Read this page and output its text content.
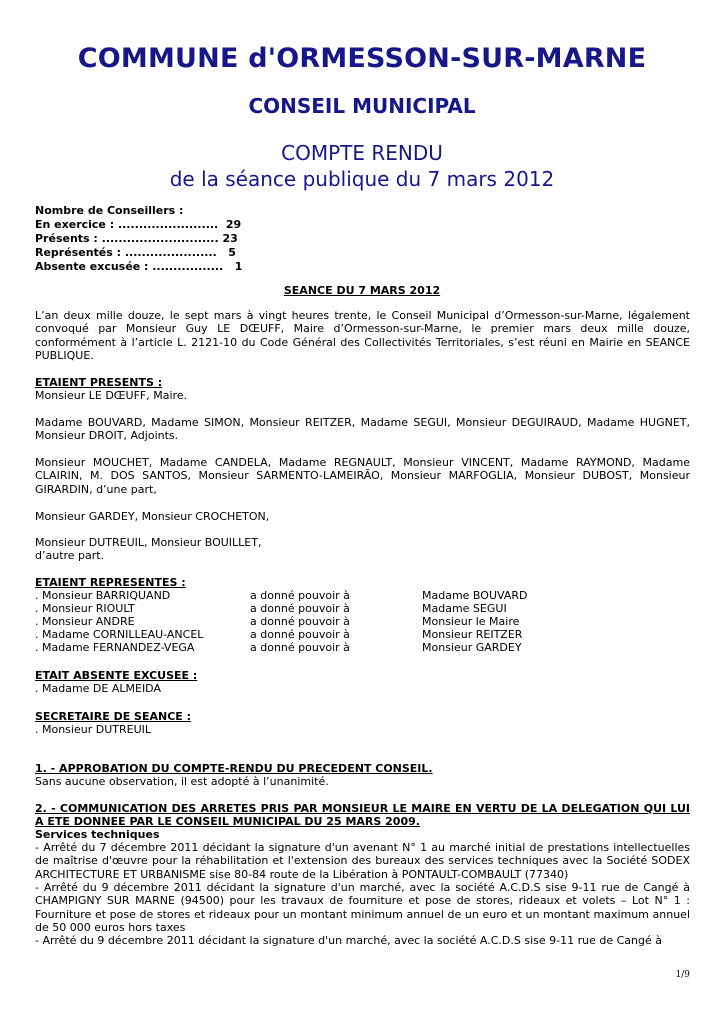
COMMUNE d'ORMESSON-SUR-MARNE
CONSEIL MUNICIPAL
COMPTE RENDU
de la séance publique du 7 mars 2012
Nombre de Conseillers :
En exercice : ........................  29
Présents : ............................ 23
Représentés : ......................   5
Absente excusée : .................   1
SEANCE DU 7 MARS 2012
L’an deux mille douze, le sept mars à vingt heures trente, le Conseil Municipal d’Ormesson-sur-Marne, légalement convoqué par Monsieur Guy LE DŒUFF, Maire d’Ormesson-sur-Marne, le premier mars deux mille douze, conformément à l’article L. 2121-10 du Code Général des Collectivités Territoriales, s’est réuni en Mairie en SEANCE PUBLIQUE.
ETAIENT PRESENTS :
Monsieur LE DŒUFF, Maire.
Madame BOUVARD, Madame SIMON, Monsieur REITZER, Madame SEGUI, Monsieur DEGUIRAUD, Madame HUGNET, Monsieur DROIT, Adjoints.
Monsieur MOUCHET, Madame CANDELA, Madame REGNAULT, Monsieur VINCENT, Madame RAYMOND, Madame CLAIRIN, M. DOS SANTOS, Monsieur SARMENTO-LAMEIRÃO, Monsieur MARFOGLIA, Monsieur DUBOST, Monsieur GIRARDIN, d’une part,
Monsieur GARDEY, Monsieur CROCHETON,
Monsieur DUTREUIL, Monsieur BOUILLET,
d’autre part.
ETAIENT REPRESENTES :
. Monsieur BARRIQUAND	a donné pouvoir à	Madame BOUVARD
. Monsieur RIOULT	a donné pouvoir à	Madame SEGUI
. Monsieur ANDRE	a donné pouvoir à	Monsieur le Maire
. Madame CORNILLEAU-ANCEL	a donné pouvoir à	Monsieur REITZER
. Madame FERNANDEZ-VEGA	a donné pouvoir à	Monsieur GARDEY
ETAIT ABSENTE EXCUSEE :
. Madame DE ALMEIDA
SECRETAIRE DE SEANCE :
. Monsieur DUTREUIL
1. - APPROBATION DU COMPTE-RENDU DU PRECEDENT CONSEIL.
Sans aucune observation, il est adopté à l’unanimité.
2. - COMMUNICATION DES ARRETES PRIS PAR MONSIEUR LE MAIRE EN VERTU DE LA DELEGATION QUI LUI A ETE DONNEE PAR LE CONSEIL MUNICIPAL DU 25 MARS 2009.
Services techniques
- Arrêté du 7 décembre 2011 décidant la signature d'un avenant N° 1 au marché initial de prestations intellectuelles de maîtrise d'œuvre pour la réhabilitation et l'extension des bureaux des services techniques avec la Société SODEX ARCHITECTURE ET URBANISME sise 80-84 route de la Libération à PONTAULT-COMBAULT (77340)
- Arrêté du 9 décembre 2011 décidant la signature d'un marché, avec la société A.C.D.S sise 9-11 rue de Cangé à CHAMPIGNY SUR MARNE (94500) pour les travaux de fourniture et pose de stores, rideaux et volets – Lot N° 1 : Fourniture et pose de stores et rideaux pour un montant minimum annuel de un euro et un montant maximum annuel de 50 000 euros hors taxes
- Arrêté du 9 décembre 2011 décidant la signature d'un marché, avec la société A.C.D.S sise 9-11 rue de Cangé à
1/9
